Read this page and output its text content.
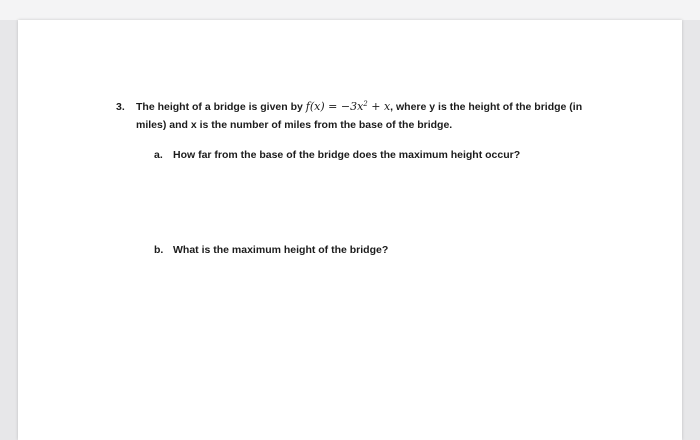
3. The height of a bridge is given by $f(x) = -3x^2 + x$, where y is the height of the bridge (in miles) and x is the number of miles from the base of the bridge.
a. How far from the base of the bridge does the maximum height occur?
b. What is the maximum height of the bridge?
